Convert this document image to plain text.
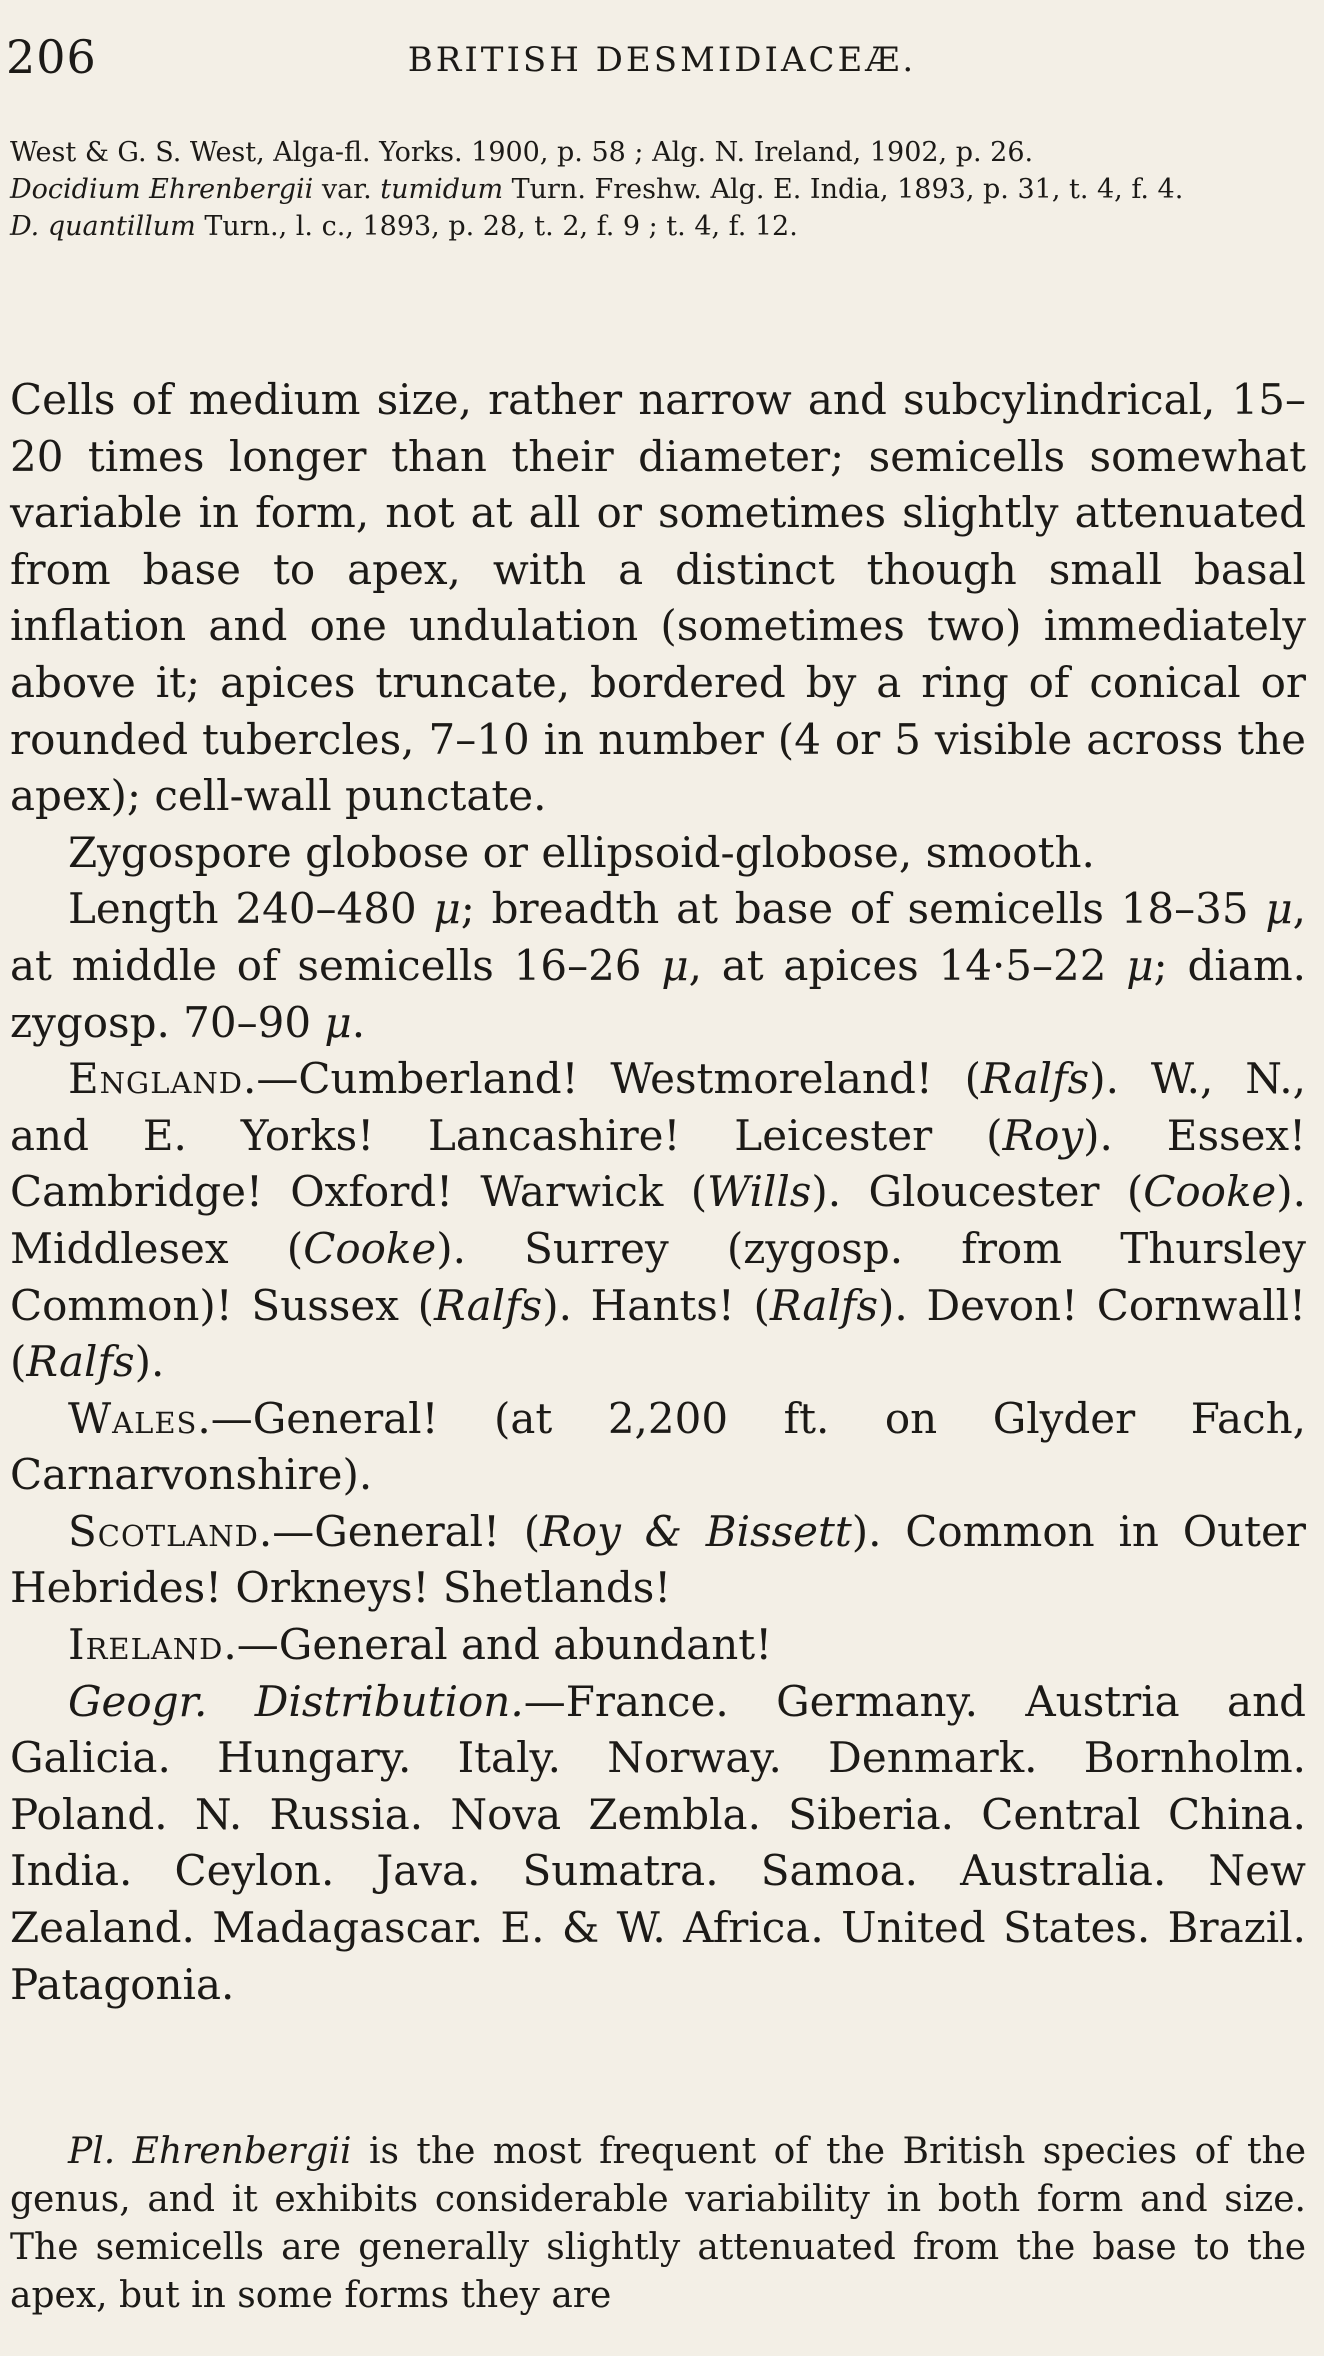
206	BRITISH DESMIDIACEÆ.

West & G. S. West, Alga-fl. Yorks. 1900, p. 58 ; Alg. N. Ireland, 1902, p. 26.

Docidium Ehrenbergii var. tumidum Turn. Freshw. Alg. E. India, 1893, p. 31, t. 4, f. 4.

D. quantillum Turn., l. c., 1893, p. 28, t. 2, f. 9 ; t. 4, f. 12.

Cells of medium size, rather narrow and subcylindrical, 15–20 times longer than their diameter; semicells somewhat variable in form, not at all or sometimes slightly attenuated from base to apex, with a distinct though small basal inflation and one undulation (sometimes two) immediately above it; apices truncate, bordered by a ring of conical or rounded tubercles, 7–10 in number (4 or 5 visible across the apex); cell-wall punctate.

Zygospore globose or ellipsoid-globose, smooth.

Length 240–480 μ; breadth at base of semicells 18–35 μ, at middle of semicells 16–26 μ, at apices 14·5–22 μ; diam. zygosp. 70–90 μ.

England.—Cumberland! Westmoreland! (Ralfs). W., N., and E. Yorks! Lancashire! Leicester (Roy). Essex! Cambridge! Oxford! Warwick (Wills). Gloucester (Cooke). Middlesex (Cooke). Surrey (zygosp. from Thursley Common)! Sussex (Ralfs). Hants! (Ralfs). Devon! Cornwall! (Ralfs).

Wales.—General! (at 2,200 ft. on Glyder Fach, Carnarvonshire).

Scotland.—General! (Roy & Bissett). Common in Outer Hebrides! Orkneys! Shetlands!

Ireland.—General and abundant!

Geogr. Distribution.—France. Germany. Austria and Galicia. Hungary. Italy. Norway. Denmark. Bornholm. Poland. N. Russia. Nova Zembla. Siberia. Central China. India. Ceylon. Java. Sumatra. Samoa. Australia. New Zealand. Madagascar. E. & W. Africa. United States. Brazil. Patagonia.

Pl. Ehrenbergii is the most frequent of the British species of the genus, and it exhibits considerable variability in both form and size. The semicells are generally slightly attenuated from the base to the apex, but in some forms they are
